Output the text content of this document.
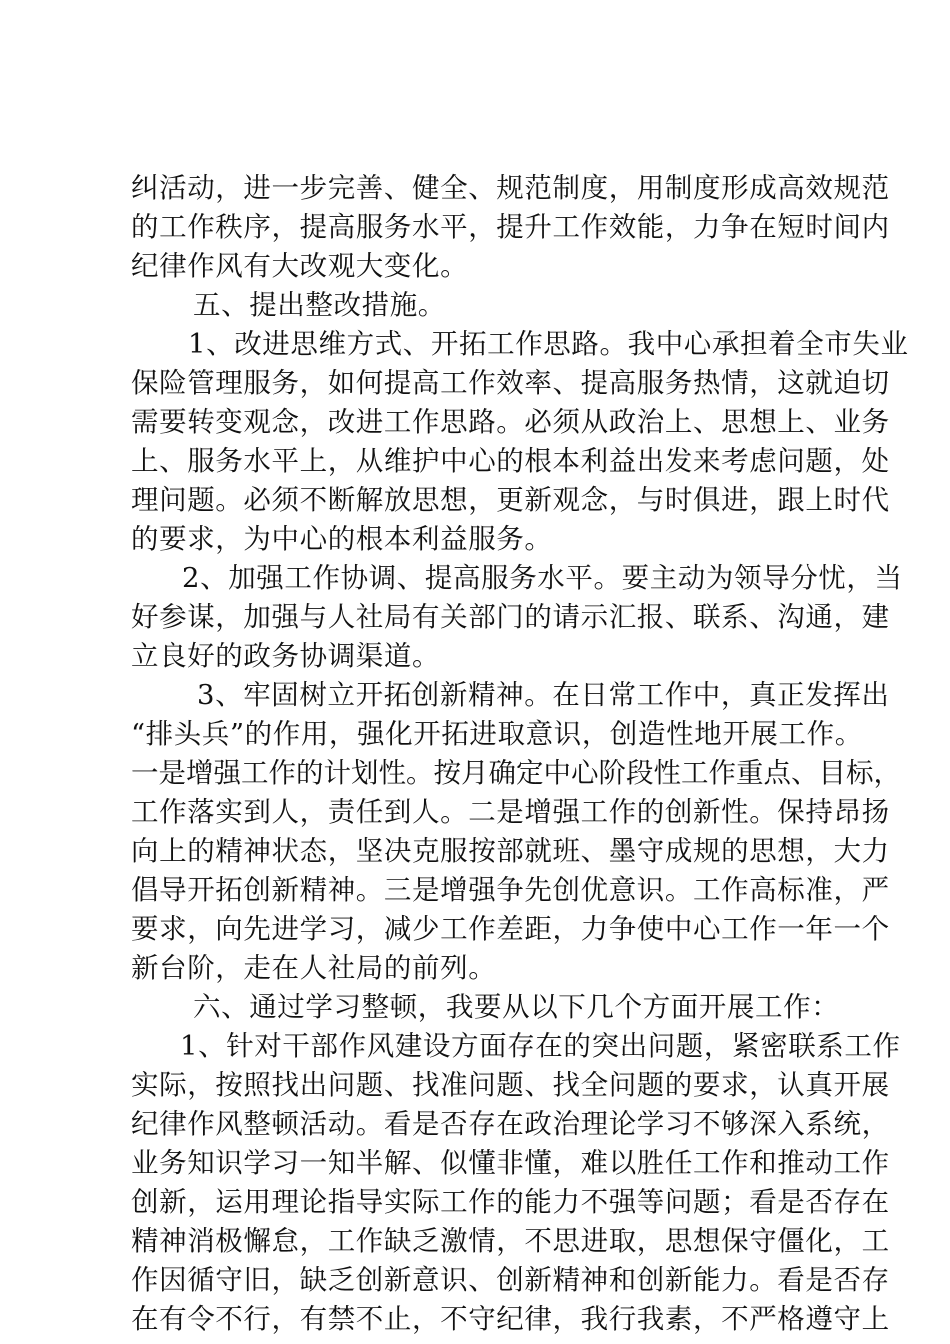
纠活动，进一步完善、健全、规范制度，用制度形成高效规范
的工作秩序，提高服务水平，提升工作效能，力争在短时间内
纪律作风有大改观大变化。
五、提出整改措施。
1、改进思维方式、开拓工作思路。我中心承担着全市失业
保险管理服务，如何提高工作效率、提高服务热情，这就迫切
需要转变观念，改进工作思路。必须从政治上、思想上、业务
上、服务水平上，从维护中心的根本利益出发来考虑问题，处
理问题。必须不断解放思想，更新观念，与时俱进，跟上时代
的要求，为中心的根本利益服务。
2、加强工作协调、提高服务水平。要主动为领导分忧，当
好参谋，加强与人社局有关部门的请示汇报、联系、沟通，建
立良好的政务协调渠道。
3、牢固树立开拓创新精神。在日常工作中，真正发挥出
“排头兵”的作用，强化开拓进取意识，创造性地开展工作。
一是增强工作的计划性。按月确定中心阶段性工作重点、目标，
工作落实到人，责任到人。二是增强工作的创新性。保持昂扬
向上的精神状态，坚决克服按部就班、墨守成规的思想，大力
倡导开拓创新精神。三是增强争先创优意识。工作高标准，严
要求，向先进学习，减少工作差距，力争使中心工作一年一个
新台阶，走在人社局的前列。
六、通过学习整顿，我要从以下几个方面开展工作：
1、针对干部作风建设方面存在的突出问题，紧密联系工作
实际，按照找出问题、找准问题、找全问题的要求，认真开展
纪律作风整顿活动。看是否存在政治理论学习不够深入系统，
业务知识学习一知半解、似懂非懂，难以胜任工作和推动工作
创新，运用理论指导实际工作的能力不强等问题；看是否存在
精神消极懈怠，工作缺乏激情，不思进取，思想保守僵化，工
作因循守旧，缺乏创新意识、创新精神和创新能力。看是否存
在有令不行，有禁不止，不守纪律，我行我素，不严格遵守上
